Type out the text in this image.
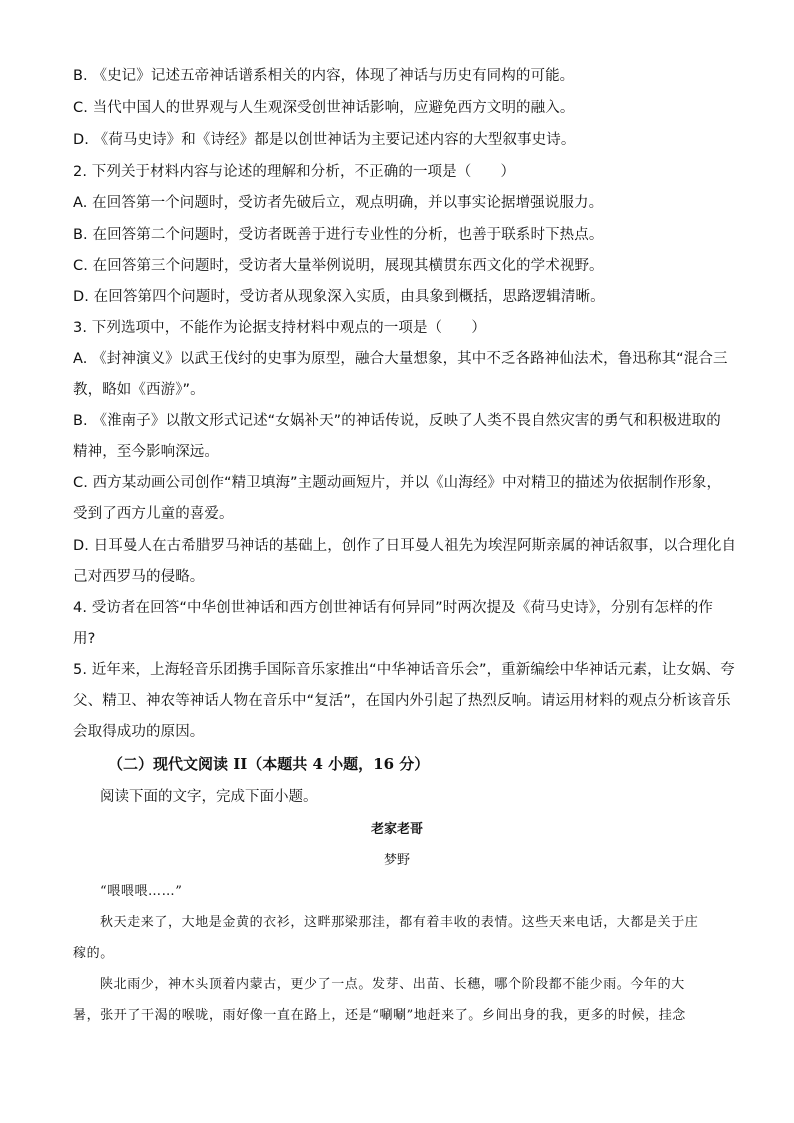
B. 《史记》记述五帝神话谱系相关的内容，体现了神话与历史有同构的可能。
C. 当代中国人的世界观与人生观深受创世神话影响，应避免西方文明的融入。
D. 《荷马史诗》和《诗经》都是以创世神话为主要记述内容的大型叙事史诗。
2. 下列关于材料内容与论述的理解和分析，不正确的一项是（　　）
A. 在回答第一个问题时，受访者先破后立，观点明确，并以事实论据增强说服力。
B. 在回答第二个问题时，受访者既善于进行专业性的分析，也善于联系时下热点。
C. 在回答第三个问题时，受访者大量举例说明，展现其横贯东西文化的学术视野。
D. 在回答第四个问题时，受访者从现象深入实质，由具象到概括，思路逻辑清晰。
3. 下列选项中，不能作为论据支持材料中观点的一项是（　　）
A. 《封神演义》以武王伐纣的史事为原型，融合大量想象，其中不乏各路神仙法术，鲁迅称其“混合三
教，略如《西游》”。
B. 《淮南子》以散文形式记述“女娲补天”的神话传说，反映了人类不畏自然灾害的勇气和积极进取的
精神，至今影响深远。
C. 西方某动画公司创作“精卫填海”主题动画短片，并以《山海经》中对精卫的描述为依据制作形象，
受到了西方儿童的喜爱。
D. 日耳曼人在古希腊罗马神话的基础上，创作了日耳曼人祖先为埃涅阿斯亲属的神话叙事，以合理化自
己对西罗马的侵略。
4. 受访者在回答“中华创世神话和西方创世神话有何异同”时两次提及《荷马史诗》，分别有怎样的作
用?
5. 近年来，上海轻音乐团携手国际音乐家推出“中华神话音乐会”，重新编绘中华神话元素，让女娲、夸
父、精卫、神农等神话人物在音乐中“复活”，在国内外引起了热烈反响。请运用材料的观点分析该音乐
会取得成功的原因。
（二）现代文阅读 II（本题共 4 小题，16 分）
阅读下面的文字，完成下面小题。
老家老哥
梦野
“喂喂喂……”
秋天走来了，大地是金黄的衣衫，这畔那梁那洼，都有着丰收的表情。这些天来电话，大都是关于庄
稼的。
陕北雨少，神木头顶着内蒙古，更少了一点。发芽、出苗、长穗，哪个阶段都不能少雨。今年的大
暑，张开了干渴的喉咙，雨好像一直在路上，还是“唰唰”地赶来了。乡间出身的我，更多的时候，挂念
